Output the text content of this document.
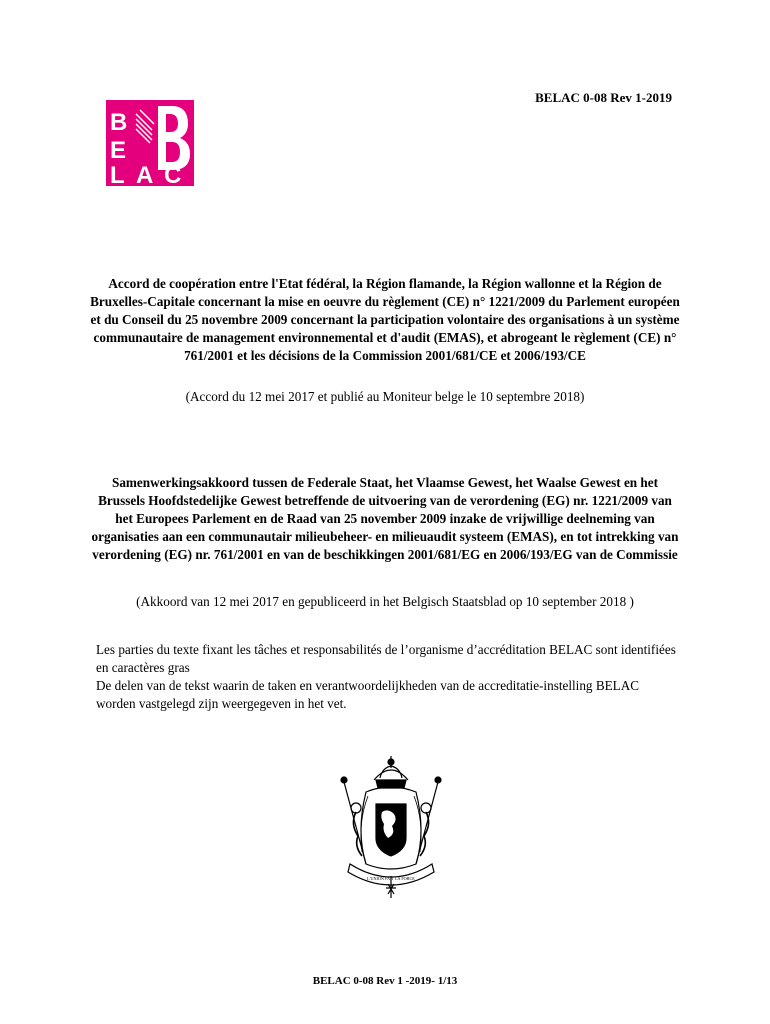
BELAC 0-08 Rev 1-2019
B
E
L A C
Accord de coopération entre l'Etat fédéral, la Région flamande, la Région wallonne et la Région de Bruxelles-Capitale concernant la mise en oeuvre du règlement (CE) n° 1221/2009 du Parlement européen et du Conseil du 25 novembre 2009 concernant la participation volontaire des organisations à un système communautaire de management environnemental et d'audit (EMAS), et abrogeant le règlement (CE) n° 761/2001 et les décisions de la Commission 2001/681/CE et 2006/193/CE
(Accord du 12 mei 2017 et publié au Moniteur belge le 10 septembre 2018)
Samenwerkingsakkoord tussen de Federale Staat, het Vlaamse Gewest, het Waalse Gewest en het Brussels Hoofdstedelijke Gewest betreffende de uitvoering van de verordening (EG) nr. 1221/2009 van het Europees Parlement en de Raad van 25 november 2009 inzake de vrijwillige deelneming van organisaties aan een communautair milieubeheer- en milieuaudit systeem (EMAS), en tot intrekking van verordening (EG) nr. 761/2001 en van de beschikkingen 2001/681/EG en 2006/193/EG van de Commissie
(Akkoord van 12 mei 2017 en gepubliceerd in het Belgisch Staatsblad op 10 september 2018 )

Les parties du texte fixant les tâches et responsabilités de l’organisme d’accréditation BELAC sont identifiées en caractères gras

De delen van de tekst waarin de taken en verantwoordelijkheden van de accreditatie-instelling BELAC worden vastgelegd zijn weergegeven in het vet.

L'UNION FAIT LA FORCE
BELAC 0-08 Rev 1 -2019- 1/13
